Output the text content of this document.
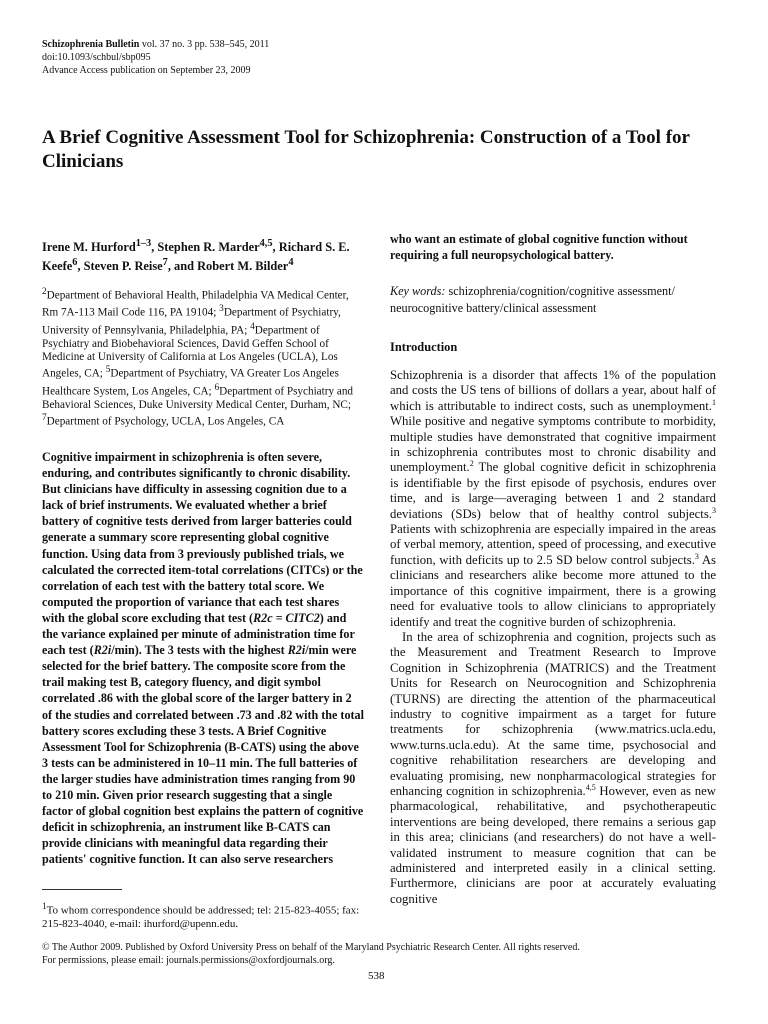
Schizophrenia Bulletin vol. 37 no. 3 pp. 538–545, 2011
doi:10.1093/schbul/sbp095
Advance Access publication on September 23, 2009
A Brief Cognitive Assessment Tool for Schizophrenia: Construction of a Tool for Clinicians

Irene M. Hurford$^{1-3}$, Stephen R. Marder$^{4,5}$, Richard S. E. Keefe$^6$, Steven P. Reise$^7$, and Robert M. Bilder$^4$

$^2$Department of Behavioral Health, Philadelphia VA Medical Center, Rm 7A-113 Mail Code 116, PA 19104; $^3$Department of Psychiatry, University of Pennsylvania, Philadelphia, PA; $^4$Department of Psychiatry and Biobehavioral Sciences, David Geffen School of Medicine at University of California at Los Angeles (UCLA), Los Angeles, CA; $^5$Department of Psychiatry, VA Greater Los Angeles Healthcare System, Los Angeles, CA; $^6$Department of Psychiatry and Behavioral Sciences, Duke University Medical Center, Durham, NC; $^7$Department of Psychology, UCLA, Los Angeles, CA

Cognitive impairment in schizophrenia is often severe, enduring, and contributes significantly to chronic disability. But clinicians have difficulty in assessing cognition due to a lack of brief instruments. We evaluated whether a brief battery of cognitive tests derived from larger batteries could generate a summary score representing global cognitive function. Using data from 3 previously published trials, we calculated the corrected item-total correlations (CITCs) or the correlation of each test with the battery total score. We computed the proportion of variance that each test shares with the global score excluding that test (R2c = CITC2) and the variance explained per minute of administration time for each test (R2i/min). The 3 tests with the highest R2i/min were selected for the brief battery. The composite score from the trail making test B, category fluency, and digit symbol correlated .86 with the global score of the larger battery in 2 of the studies and correlated between .73 and .82 with the total battery scores excluding these 3 tests. A Brief Cognitive Assessment Tool for Schizophrenia (B-CATS) using the above 3 tests can be administered in 10–11 min. The full batteries of the larger studies have administration times ranging from 90 to 210 min. Given prior research suggesting that a single factor of global cognition best explains the pattern of cognitive deficit in schizophrenia, an instrument like B-CATS can provide clinicians with meaningful data regarding their patients' cognitive function. It can also serve researchers

$^1$To whom correspondence should be addressed; tel: 215-823-4055; fax: 215-823-4040, e-mail: ihurford@upenn.edu.

who want an estimate of global cognitive function without requiring a full neuropsychological battery.

Key words: schizophrenia/cognition/cognitive assessment/ neurocognitive battery/clinical assessment

Introduction

Schizophrenia is a disorder that affects 1% of the population and costs the US tens of billions of dollars a year, about half of which is attributable to indirect costs, such as unemployment.$^1$ While positive and negative symptoms contribute to morbidity, multiple studies have demonstrated that cognitive impairment in schizophrenia contributes most to chronic disability and unemployment.$^2$ The global cognitive deficit in schizophrenia is identifiable by the first episode of psychosis, endures over time, and is large—averaging between 1 and 2 standard deviations (SDs) below that of healthy control subjects.$^3$ Patients with schizophrenia are especially impaired in the areas of verbal memory, attention, speed of processing, and executive function, with deficits up to 2.5 SD below control subjects.$^3$ As clinicians and researchers alike become more attuned to the importance of this cognitive impairment, there is a growing need for evaluative tools to allow clinicians to appropriately identify and treat the cognitive burden of schizophrenia.

In the area of schizophrenia and cognition, projects such as the Measurement and Treatment Research to Improve Cognition in Schizophrenia (MATRICS) and the Treatment Units for Research on Neurocognition and Schizophrenia (TURNS) are directing the attention of the pharmaceutical industry to cognitive impairment as a target for future treatments for schizophrenia (www.matrics.ucla.edu, www.turns.ucla.edu). At the same time, psychosocial and cognitive rehabilitation researchers are developing and evaluating promising, new nonpharmacological strategies for enhancing cognition in schizophrenia.$^{4,5}$ However, even as new pharmacological, rehabilitative, and psychotherapeutic interventions are being developed, there remains a serious gap in this area; clinicians (and researchers) do not have a well-validated instrument to measure cognition that can be administered and interpreted easily in a clinical setting. Furthermore, clinicians are poor at accurately evaluating cognitive

© The Author 2009. Published by Oxford University Press on behalf of the Maryland Psychiatric Research Center. All rights reserved.
For permissions, please email: journals.permissions@oxfordjournals.org.
538
